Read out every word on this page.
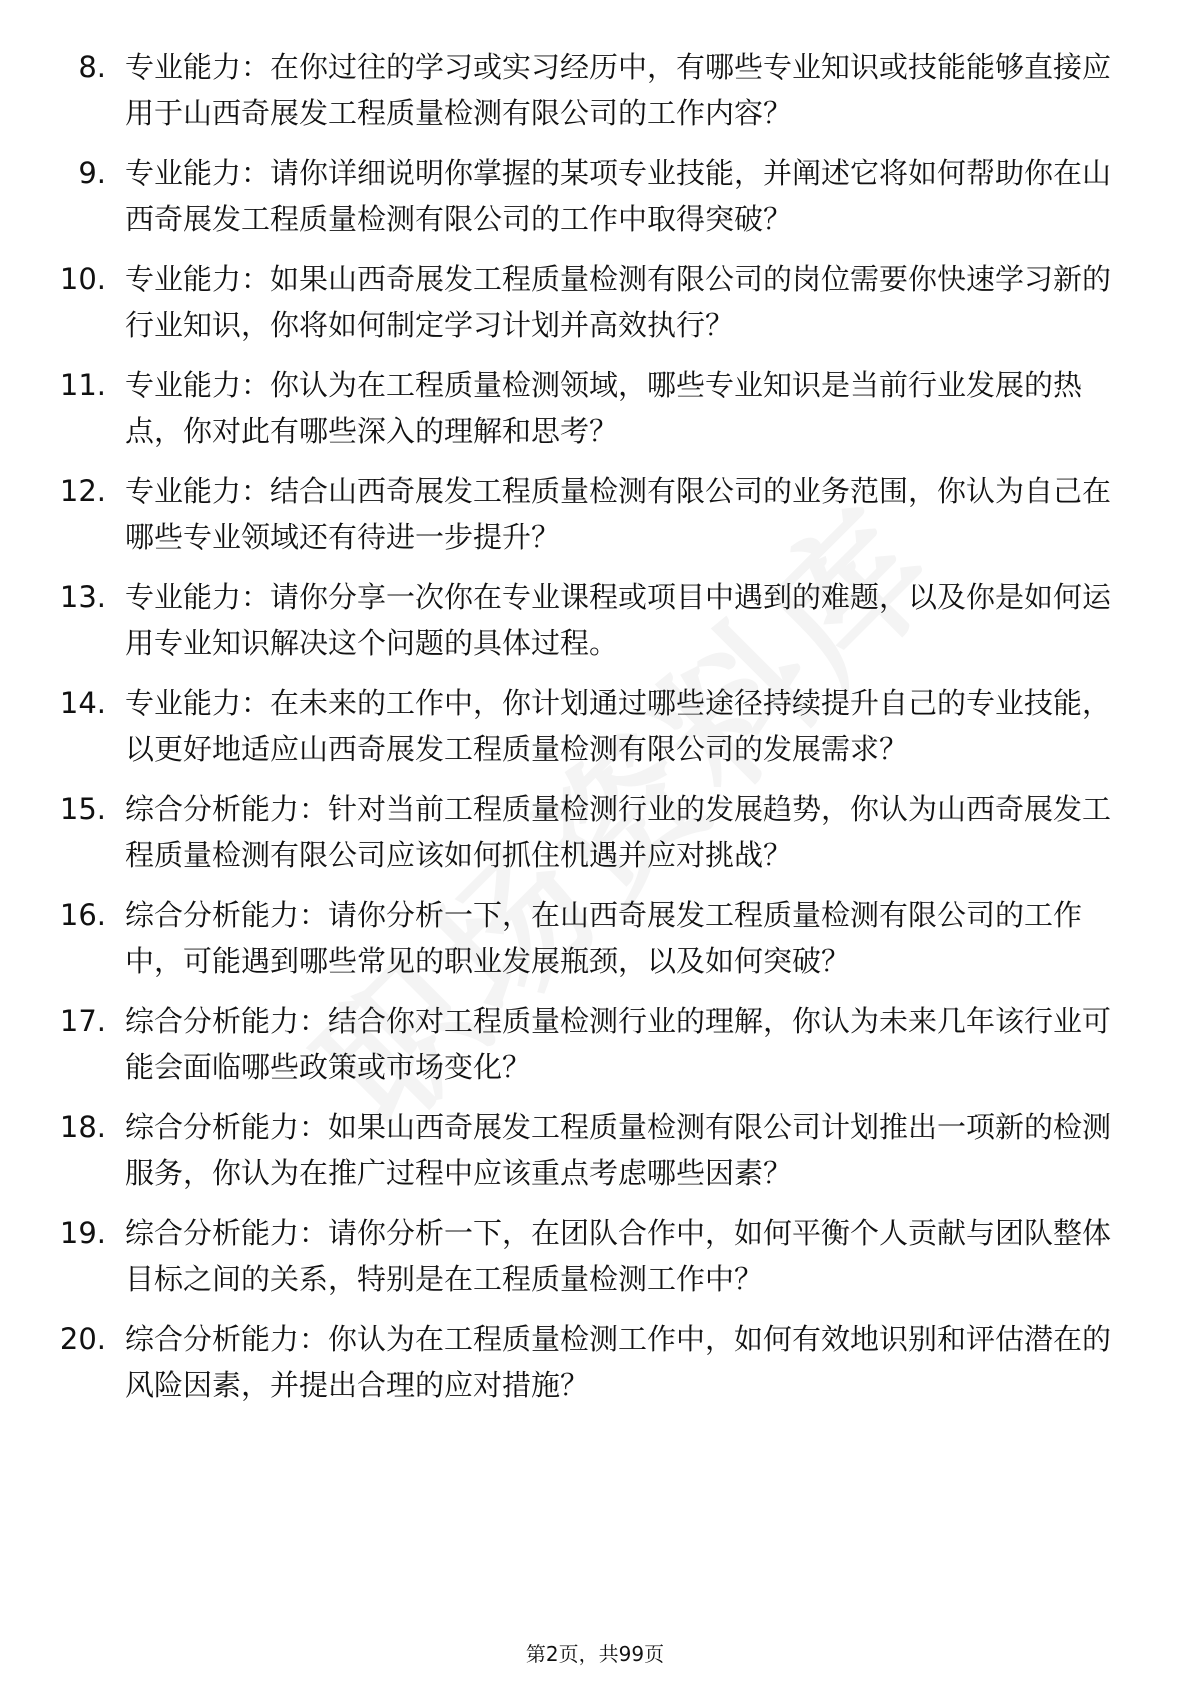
8. 专业能力：在你过往的学习或实习经历中，有哪些专业知识或技能能够直接应用于山西奇展发工程质量检测有限公司的工作内容？
9. 专业能力：请你详细说明你掌握的某项专业技能，并阐述它将如何帮助你在山西奇展发工程质量检测有限公司的工作中取得突破？
10. 专业能力：如果山西奇展发工程质量检测有限公司的岗位需要你快速学习新的行业知识，你将如何制定学习计划并高效执行？
11. 专业能力：你认为在工程质量检测领域，哪些专业知识是当前行业发展的热点，你对此有哪些深入的理解和思考？
12. 专业能力：结合山西奇展发工程质量检测有限公司的业务范围，你认为自己在哪些专业领域还有待进一步提升？
13. 专业能力：请你分享一次你在专业课程或项目中遇到的难题，以及你是如何运用专业知识解决这个问题的具体过程。
14. 专业能力：在未来的工作中，你计划通过哪些途径持续提升自己的专业技能，以更好地适应山西奇展发工程质量检测有限公司的发展需求？
15. 综合分析能力：针对当前工程质量检测行业的发展趋势，你认为山西奇展发工程质量检测有限公司应该如何抓住机遇并应对挑战？
16. 综合分析能力：请你分析一下，在山西奇展发工程质量检测有限公司的工作中，可能遇到哪些常见的职业发展瓶颈，以及如何突破？
17. 综合分析能力：结合你对工程质量检测行业的理解，你认为未来几年该行业可能会面临哪些政策或市场变化？
18. 综合分析能力：如果山西奇展发工程质量检测有限公司计划推出一项新的检测服务，你认为在推广过程中应该重点考虑哪些因素？
19. 综合分析能力：请你分析一下，在团队合作中，如何平衡个人贡献与团队整体目标之间的关系，特别是在工程质量检测工作中？
20. 综合分析能力：你认为在工程质量检测工作中，如何有效地识别和评估潜在的风险因素，并提出合理的应对措施？
第2页，共99页
